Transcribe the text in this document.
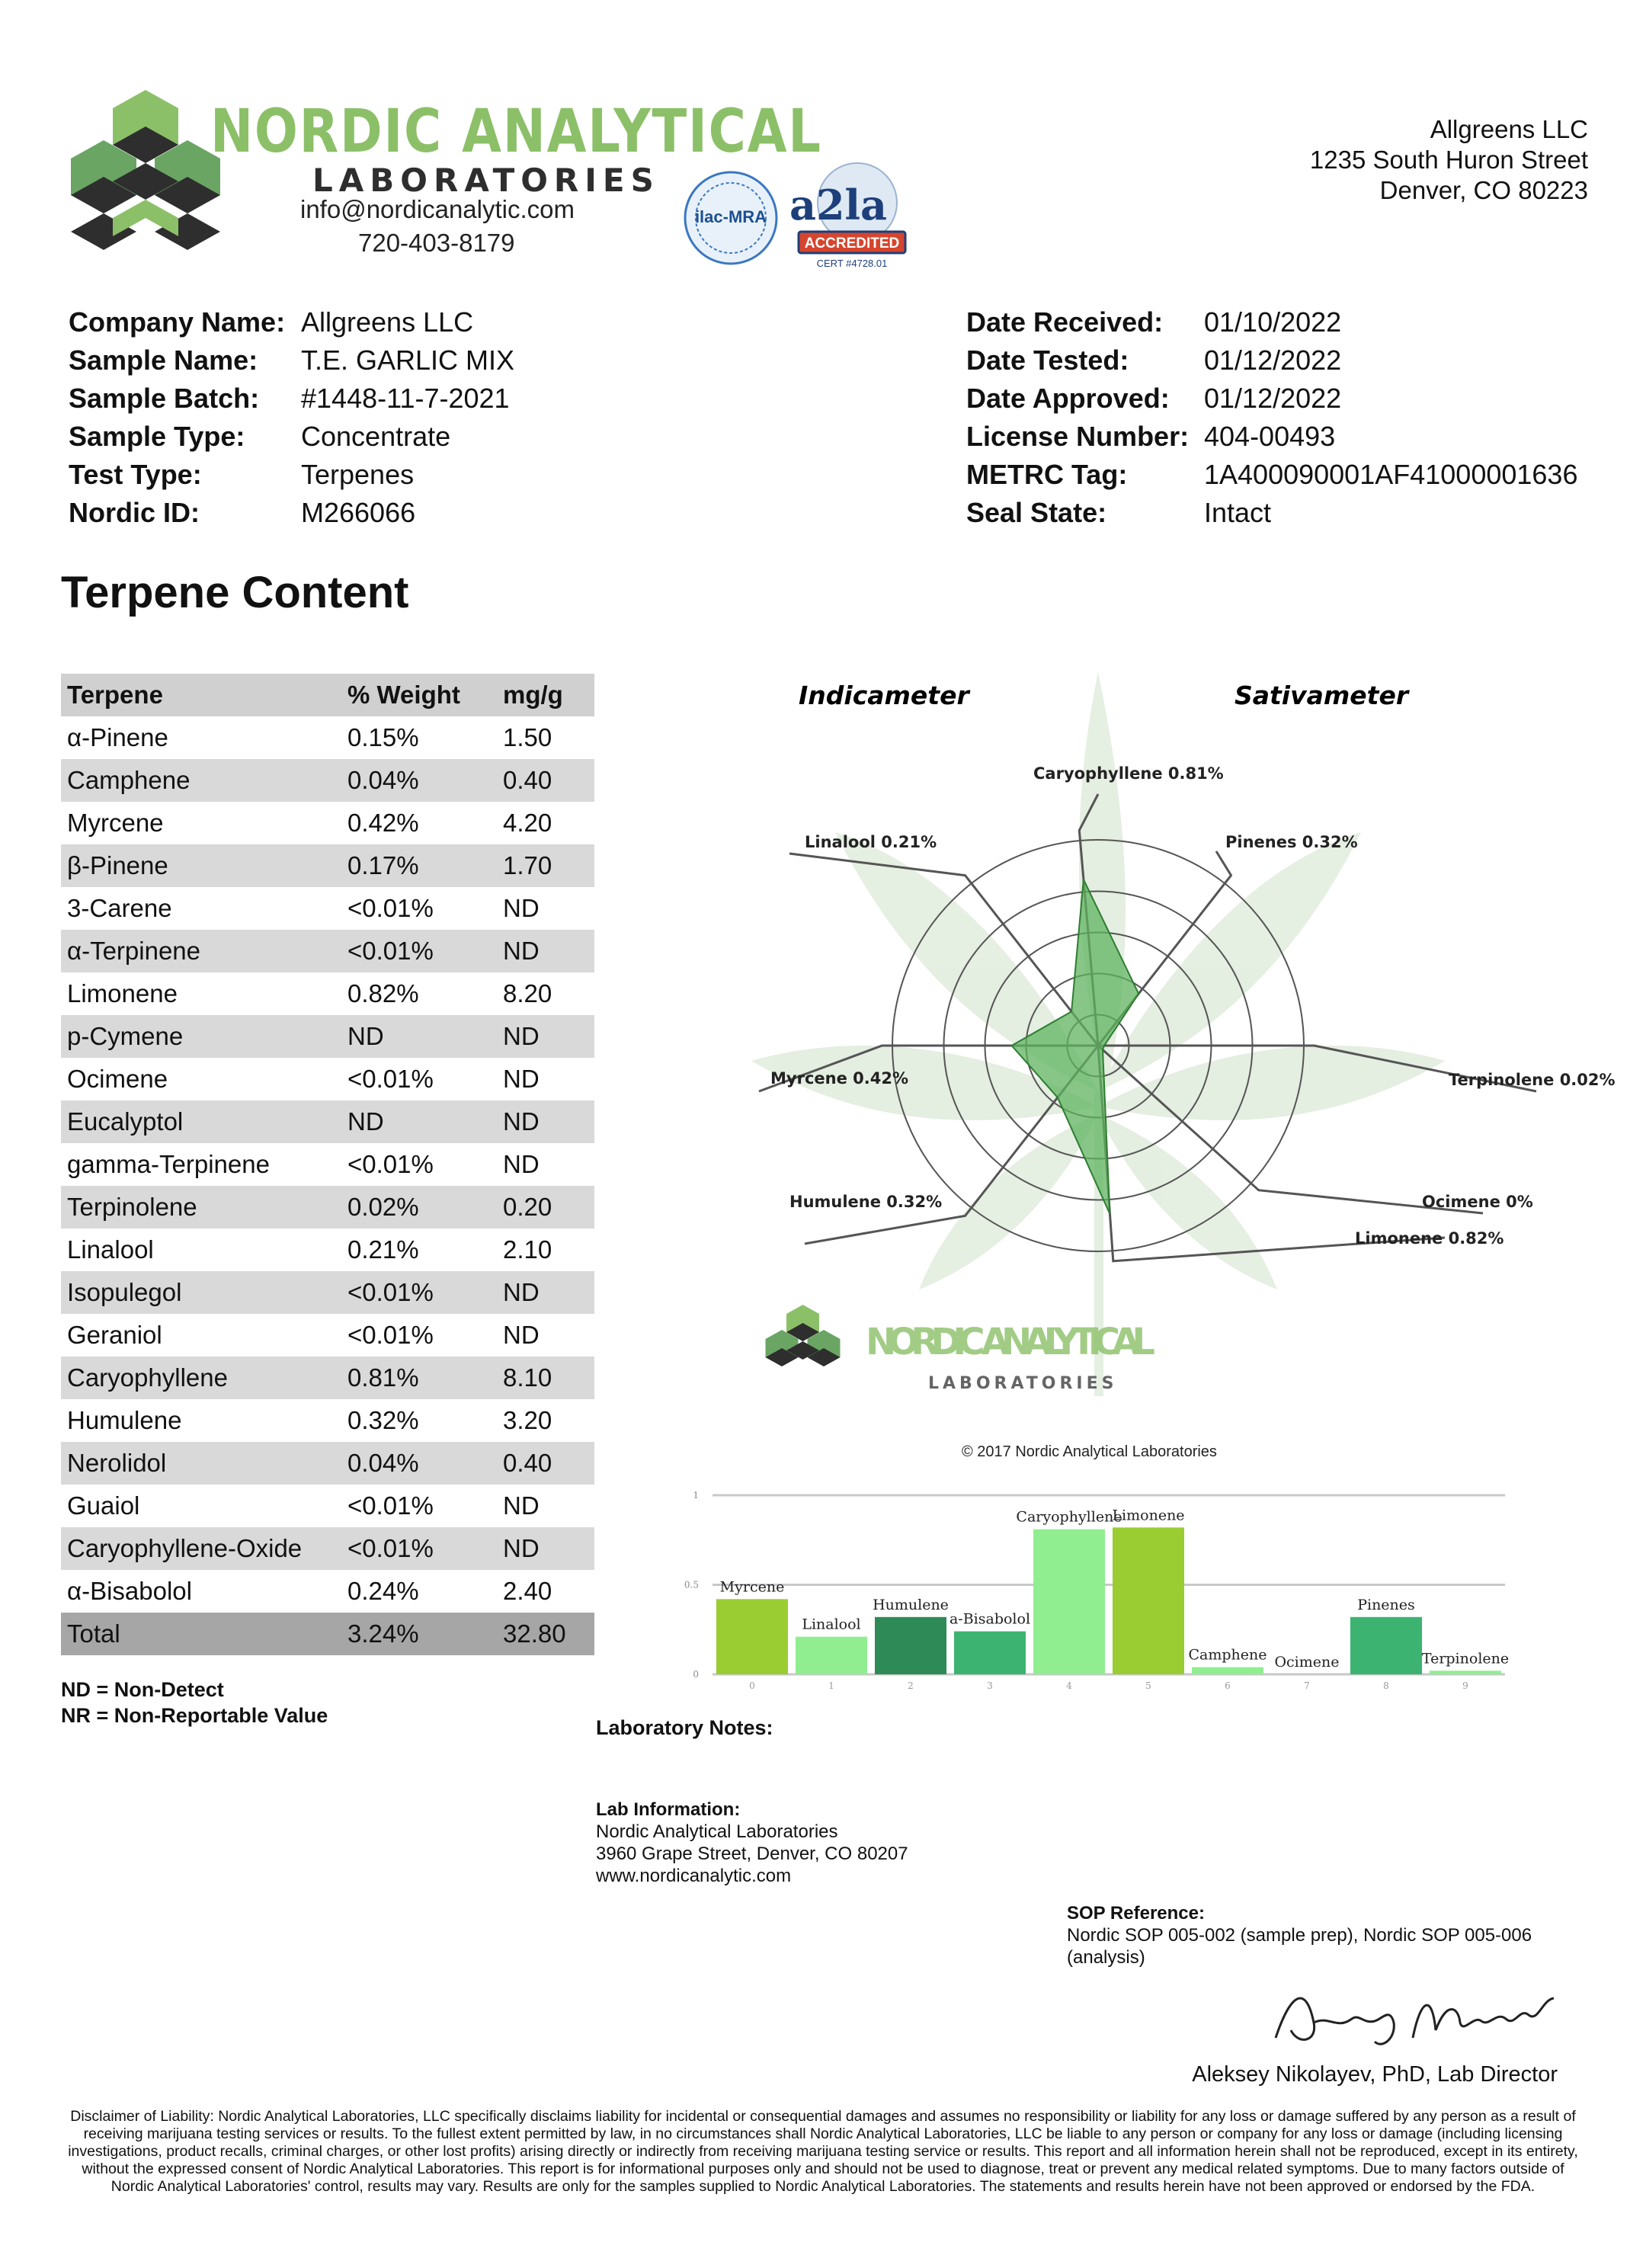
NORDIC ANALYTICAL
LABORATORIES
info@nordicanalytic.com
720-403-8179
ilac-MRA a2la
ACCREDITED
CERT #4728.01
Allgreens LLC
1235 South Huron Street
Denver, CO 80223
Company Name: Allgreens LLC
Sample Name:	T.E. GARLIC MIX
Sample Batch:	#1448-11-7-2021
Sample Type:	Concentrate
Test Type:	Terpenes
Nordic ID:	M266066
Date Received:	01/10/2022
Date Tested:	01/12/2022
Date Approved:	01/12/2022
License Number: 404-00493
METRC Tag:	1A400090001AF41000001636
Seal State:	Intact
Terpene Content
Terpene	% Weight	mg/g
α-Pinene	0.15%	1.50
Camphene	0.04%	0.40
Myrcene	0.42%	4.20
β-Pinene	0.17%	1.70
3-Carene	<0.01%	ND
α-Terpinene	<0.01%	ND
Limonene	0.82%	8.20
p-Cymene	ND	ND
Ocimene	<0.01%	ND
Eucalyptol	ND	ND
gamma-Terpinene	<0.01%	ND
Terpinolene	0.02%	0.20
Linalool	0.21%	2.10
Isopulegol	<0.01%	ND
Geraniol	<0.01%	ND
Caryophyllene	0.81%	8.10
Humulene	0.32%	3.20
Nerolidol	0.04%	0.40
Guaiol	<0.01%	ND
Caryophyllene-Oxide	<0.01%	ND
α-Bisabolol	0.24%	2.40
Total	3.24%	32.80
ND = Non-Detect
NR = Non-Reportable Value
Indicameter	Sativameter
Caryophyllene 0.81%
Pinenes 0.32%
Terpinolene 0.02%
Ocimene 0%
Limonene 0.82%
Humulene 0.32%
Myrcene 0.42%
Linalool 0.21%
NORDIC ANALYTICAL
LABORATORIES
© 2017 Nordic Analytical Laboratories
0
0.5
1
Myrcene
0
Linalool
1
Humulene
2
a-Bisabolol
3
Caryophyllene
4
Limonene
5
Camphene
6
Ocimene
7
Pinenes
8
Terpinolene
9
Laboratory Notes:
Lab Information:
Nordic Analytical Laboratories
3960 Grape Street, Denver, CO 80207
www.nordicanalytic.com
SOP Reference:
Nordic SOP 005-002 (sample prep), Nordic SOP 005-006 (analysis)
Aleksey Nikolayev, PhD, Lab Director
Disclaimer of Liability: Nordic Analytical Laboratories, LLC specifically disclaims liability for incidental or consequential damages and assumes no responsibility or liability for any loss or damage suffered by any person as a result of receiving marijuana testing services or results. To the fullest extent permitted by law, in no circumstances shall Nordic Analytical Laboratories, LLC be liable to any person or company for any loss or damage (including licensing investigations, product recalls, criminal charges, or other lost profits) arising directly or indirectly from receiving marijuana testing service or results. This report and all information herein shall not be reproduced, except in its entirety, without the expressed consent of Nordic Analytical Laboratories. This report is for informational purposes only and should not be used to diagnose, treat or prevent any medical related symptoms. Due to many factors outside of Nordic Analytical Laboratories' control, results may vary. Results are only for the samples supplied to Nordic Analytical Laboratories. The statements and results herein have not been approved or endorsed by the FDA.
